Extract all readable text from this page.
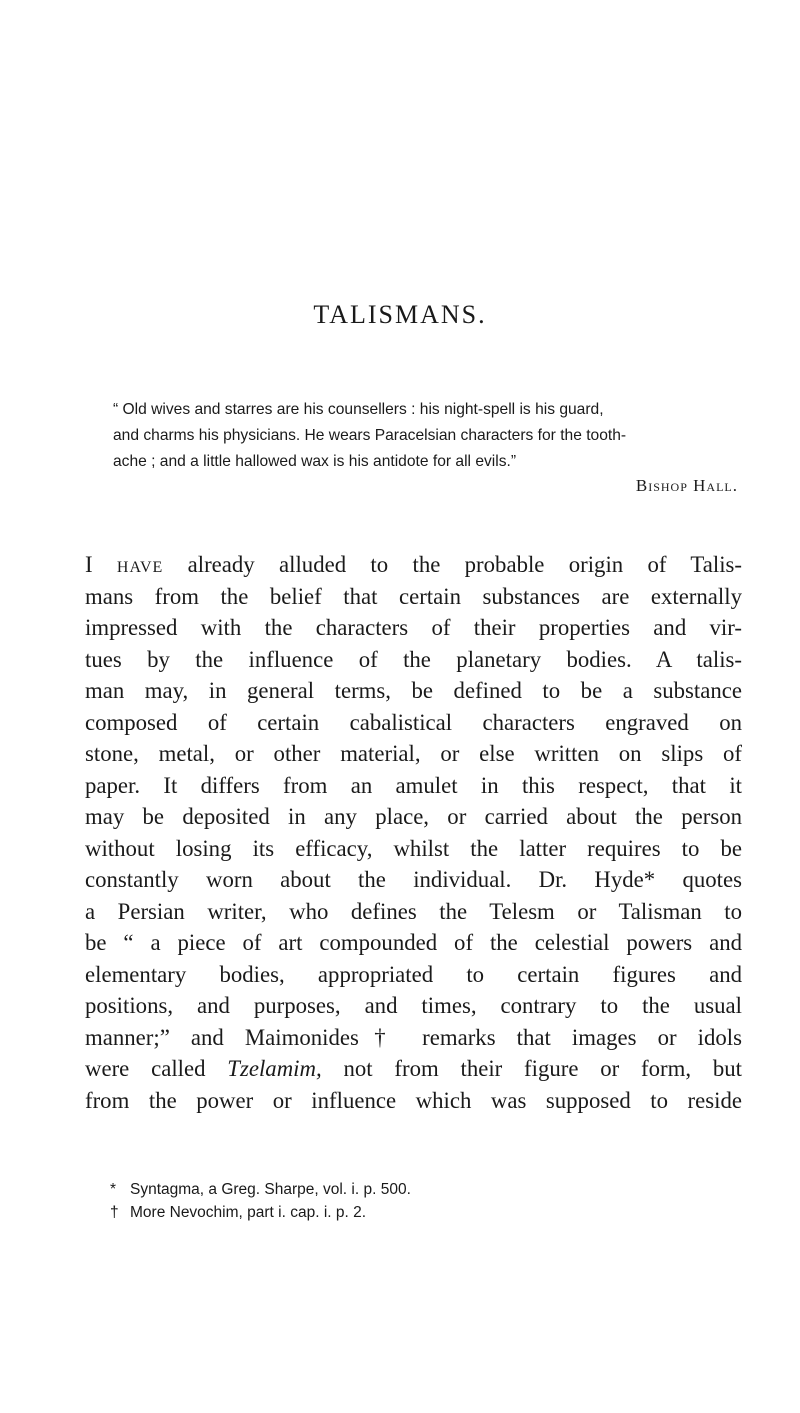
TALISMANS.
“ Old wives and starres are his counsellers : his night-spell is his guard,
and charms his physicians. He wears Paracelsian characters for the tooth-
ache ; and a little hallowed wax is his antidote for all evils.”
Bishop Hall.
I have already alluded to the probable origin of Talis-
mans from the belief that certain substances are externally
impressed with the characters of their properties and vir-
tues by the influence of the planetary bodies. A talis-
man may, in general terms, be defined to be a substance
composed of certain cabalistical characters engraved on
stone, metal, or other material, or else written on slips of
paper. It differs from an amulet in this respect, that it
may be deposited in any place, or carried about the person
without losing its efficacy, whilst the latter requires to be
constantly worn about the individual. Dr. Hyde* quotes
a Persian writer, who defines the Telesm or Talisman to
be “ a piece of art compounded of the celestial powers and
elementary bodies, appropriated to certain figures and
positions, and purposes, and times, contrary to the usual
manner;” and Maimonides† remarks that images or idols
were called Tzelamim, not from their figure or form, but
from the power or influence which was supposed to reside
* Syntagma, a Greg. Sharpe, vol. i. p. 500.
† More Nevochim, part i. cap. i. p. 2.
